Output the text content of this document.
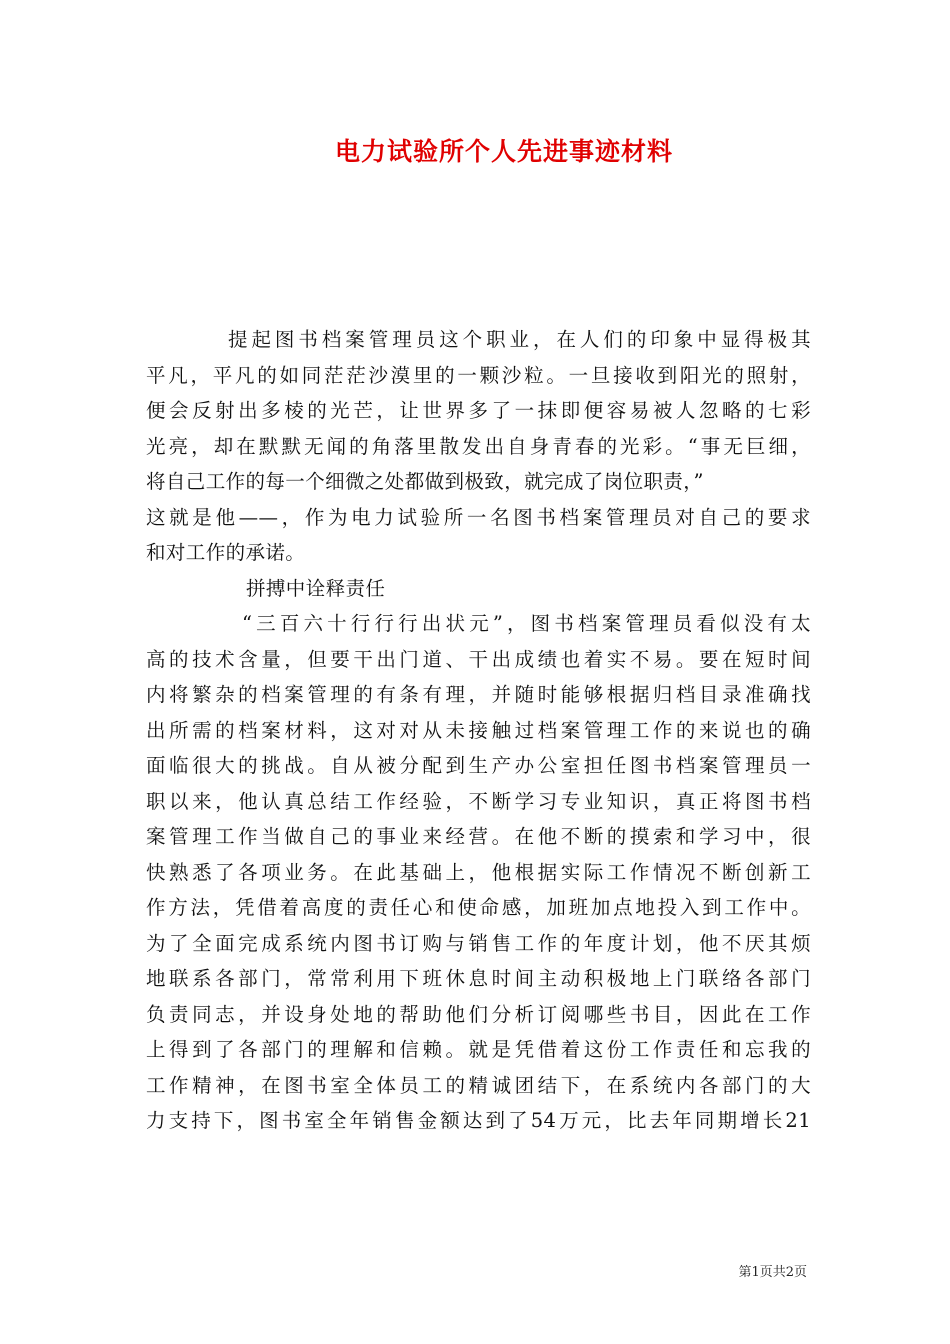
电力试验所个人先进事迹材料
提起图书档案管理员这个职业，在人们的印象中显得极其
平凡，平凡的如同茫茫沙漠里的一颗沙粒。一旦接收到阳光的照射，
便会反射出多棱的光芒，让世界多了一抹即便容易被人忽略的七彩
光亮，却在默默无闻的角落里散发出自身青春的光彩。“事无巨细，
将自己工作的每一个细微之处都做到极致，就完成了岗位职责，”
这就是他——，作为电力试验所一名图书档案管理员对自己的要求
和对工作的承诺。
拼搏中诠释责任
“三百六十行行行出状元”，图书档案管理员看似没有太
高的技术含量，但要干出门道、干出成绩也着实不易。要在短时间
内将繁杂的档案管理的有条有理，并随时能够根据归档目录准确找
出所需的档案材料，这对对从未接触过档案管理工作的来说也的确
面临很大的挑战。自从被分配到生产办公室担任图书档案管理员一
职以来，他认真总结工作经验，不断学习专业知识，真正将图书档
案管理工作当做自己的事业来经营。在他不断的摸索和学习中，很
快熟悉了各项业务。在此基础上，他根据实际工作情况不断创新工
作方法，凭借着高度的责任心和使命感，加班加点地投入到工作中。
为了全面完成系统内图书订购与销售工作的年度计划，他不厌其烦
地联系各部门，常常利用下班休息时间主动积极地上门联络各部门
负责同志，并设身处地的帮助他们分析订阅哪些书目，因此在工作
上得到了各部门的理解和信赖。就是凭借着这份工作责任和忘我的
工作精神，在图书室全体员工的精诚团结下，在系统内各部门的大
力支持下，图书室全年销售金额达到了54万元，比去年同期增长21
第1页共2页
